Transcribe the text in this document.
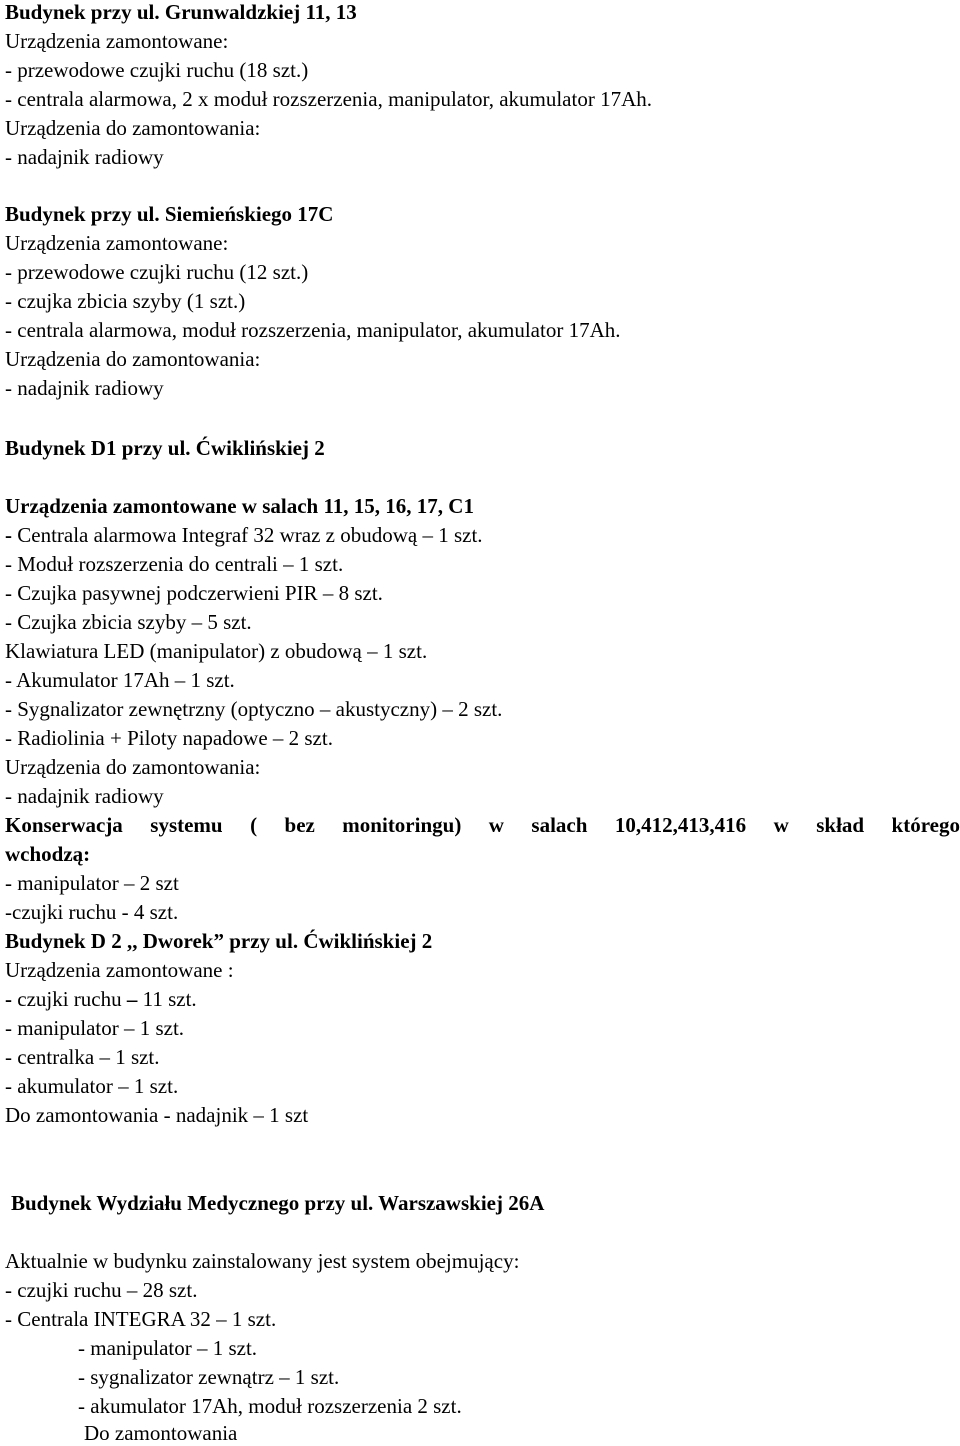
Budynek przy ul. Grunwaldzkiej 11, 13
Urządzenia zamontowane:
- przewodowe czujki ruchu (18 szt.)
- centrala alarmowa, 2 x moduł rozszerzenia, manipulator, akumulator 17Ah.
Urządzenia do zamontowania:
- nadajnik radiowy
Budynek przy ul. Siemieńskiego 17C
Urządzenia zamontowane:
- przewodowe czujki ruchu (12 szt.)
- czujka zbicia szyby (1 szt.)
- centrala alarmowa, moduł rozszerzenia, manipulator, akumulator 17Ah.
Urządzenia do zamontowania:
- nadajnik radiowy
Budynek D1 przy ul. Ćwiklińskiej 2
Urządzenia zamontowane w salach 11, 15, 16, 17, C1
- Centrala alarmowa Integraf 32 wraz z obudową – 1 szt.
- Moduł rozszerzenia do centrali – 1 szt.
- Czujka pasywnej podczerwieni PIR – 8 szt.
- Czujka zbicia szyby – 5 szt.
Klawiatura LED (manipulator) z obudową – 1 szt.
- Akumulator 17Ah – 1 szt.
- Sygnalizator zewnętrzny (optyczno – akustyczny) – 2 szt.
- Radiolinia + Piloty napadowe – 2 szt.
Urządzenia do zamontowania:
- nadajnik radiowy
Konserwacja systemu ( bez monitoringu) w salach 10,412,413,416 w skład którego
wchodzą:
- manipulator – 2 szt
-czujki ruchu - 4 szt.
Budynek D 2 ,, Dworek” przy ul. Ćwiklińskiej 2
Urządzenia zamontowane :
- czujki ruchu – 11 szt.
- manipulator – 1 szt.
- centralka – 1 szt.
- akumulator – 1 szt.
Do zamontowania - nadajnik – 1 szt
Budynek Wydziału Medycznego przy ul. Warszawskiej 26A
Aktualnie w budynku zainstalowany jest system obejmujący:
- czujki ruchu – 28 szt.
- Centrala INTEGRA 32 – 1 szt.
- manipulator – 1 szt.
- sygnalizator zewnątrz – 1 szt.
- akumulator 17Ah, moduł rozszerzenia 2 szt.
Do zamontowania
